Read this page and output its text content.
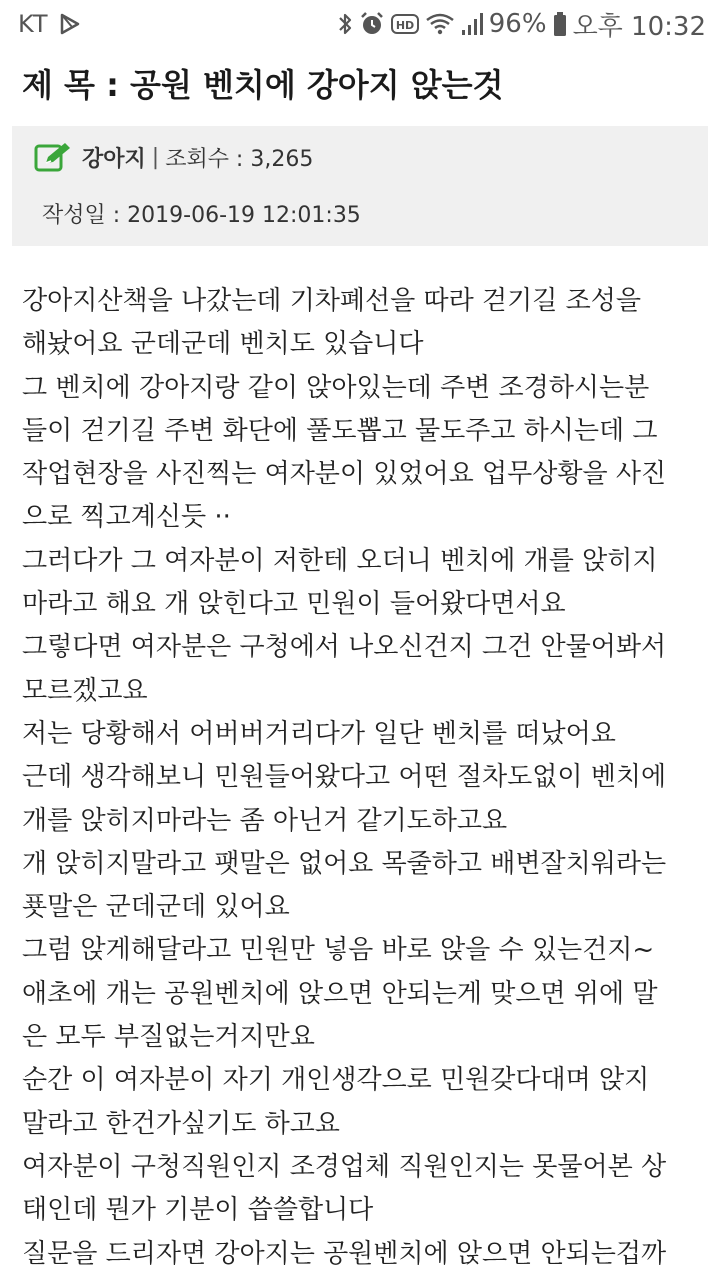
KT	HD	96% 오후 10:32
제 목 : 공원 벤치에 강아지 앉는것
강아지 | 조회수 : 3,265
작성일 : 2019-06-19 12:01:35

강아지산책을 나갔는데 기차폐선을 따라 걷기길 조성을

해놨어요 군데군데 벤치도 있습니다

그 벤치에 강아지랑 같이 앉아있는데 주변 조경하시는분

들이 걷기길 주변 화단에 풀도뽑고 물도주고 하시는데 그

작업현장을 사진찍는 여자분이 있었어요 업무상황을 사진

으로 찍고계신듯 ··

그러다가 그 여자분이 저한테 오더니 벤치에 개를 앉히지

마라고 해요 개 앉힌다고 민원이 들어왔다면서요

그렇다면 여자분은 구청에서 나오신건지 그건 안물어봐서

모르겠고요

저는 당황해서 어버버거리다가 일단 벤치를 떠났어요

근데 생각해보니 민원들어왔다고 어떤 절차도없이 벤치에

개를 앉히지마라는 좀 아닌거 같기도하고요

개 앉히지말라고 팻말은 없어요 목줄하고 배변잘치워라는

푯말은 군데군데 있어요

그럼 앉게해달라고 민원만 넣음 바로 앉을 수 있는건지~

애초에 개는 공원벤치에 앉으면 안되는게 맞으면 위에 말

은 모두 부질없는거지만요

순간 이 여자분이 자기 개인생각으로 민원갖다대며 앉지

말라고 한건가싶기도 하고요

여자분이 구청직원인지 조경업체 직원인지는 못물어본 상

태인데 뭔가 기분이 씁쓸합니다

질문을 드리자면 강아지는 공원벤치에 앉으면 안되는겁까
